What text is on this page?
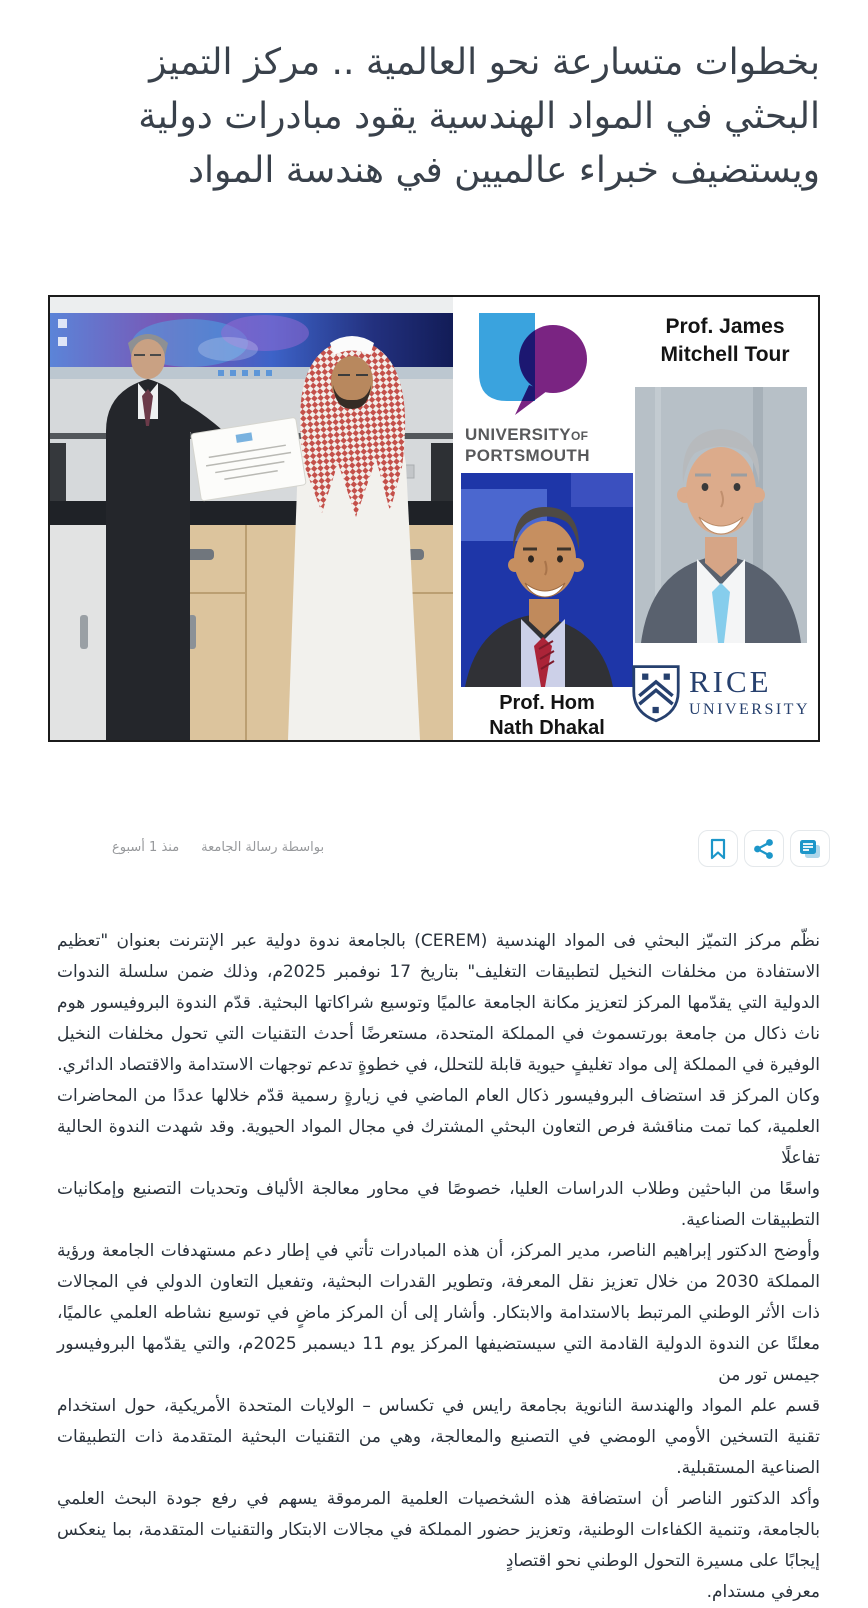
بخطوات متسارعة نحو العالمية .. مركز التميز البحثي في المواد الهندسية يقود مبادرات دولية ويستضيف خبراء عالميين في هندسة المواد
UNIVERSITYOF
PORTSMOUTH
Prof. James
Mitchell Tour
Prof. Hom
Nath Dhakal
RICE
UNIVERSITY
منذ 1 أسبوع بواسطة رسالة الجامعة

نظّم مركز التميّز البحثي فى المواد الهندسية (CEREM) بالجامعة ندوة دولية عبر الإنترنت بعنوان "تعظيم الاستفادة من مخلفات النخيل لتطبيقات التغليف" بتاريخ 17 نوفمبر 2025م، وذلك ضمن سلسلة الندوات الدولية التي يقدّمها المركز لتعزيز مكانة الجامعة عالميًا وتوسيع شراكاتها البحثية. قدّم الندوة البروفيسور هوم ناث ذكال من جامعة بورتسموث في المملكة المتحدة، مستعرضًا أحدث التقنيات التي تحول مخلفات النخيل الوفيرة في المملكة إلى مواد تغليفٍ حيوية قابلة للتحلل، في خطوةٍ تدعم توجهات الاستدامة والاقتصاد الدائري.

وكان المركز قد استضاف البروفيسور ذكال العام الماضي في زيارةٍ رسمية قدّم خلالها عددًا من المحاضرات العلمية، كما تمت مناقشة فرص التعاون البحثي المشترك في مجال المواد الحيوية. وقد شهدت الندوة الحالية تفاعلًا

واسعًا من الباحثين وطلاب الدراسات العليا، خصوصًا في محاور معالجة الألياف وتحديات التصنيع وإمكانيات التطبيقات الصناعية.

وأوضح الدكتور إبراهيم الناصر، مدير المركز، أن هذه المبادرات تأتي في إطار دعم مستهدفات الجامعة ورؤية المملكة 2030 من خلال تعزيز نقل المعرفة، وتطوير القدرات البحثية، وتفعيل التعاون الدولي في المجالات ذات الأثر الوطني المرتبط بالاستدامة والابتكار. وأشار إلى أن المركز ماضٍ في توسيع نشاطه العلمي عالميًا، معلنًا عن الندوة الدولية القادمة التي سيستضيفها المركز يوم 11 ديسمبر 2025م، والتي يقدّمها البروفيسور جيمس تور من

قسم علم المواد والهندسة النانوية بجامعة رايس في تكساس – الولايات المتحدة الأمريكية، حول استخدام تقنية التسخين الأومي الومضي في التصنيع والمعالجة، وهي من التقنيات البحثية المتقدمة ذات التطبيقات الصناعية المستقبلية.

وأكد الدكتور الناصر أن استضافة هذه الشخصيات العلمية المرموقة يسهم في رفع جودة البحث العلمي بالجامعة، وتنمية الكفاءات الوطنية، وتعزيز حضور المملكة في مجالات الابتكار والتقنيات المتقدمة، بما ينعكس إيجابًا على مسيرة التحول الوطني نحو اقتصادٍ

معرفي مستدام.
